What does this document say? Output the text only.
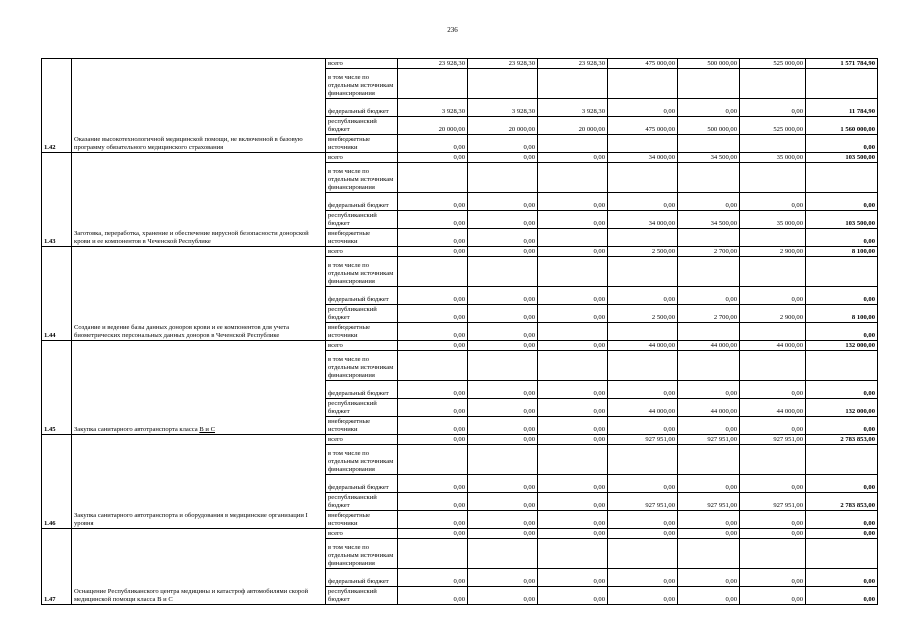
236
1.42	Оказание высокотехнологичной медицинской помощи, не включенной в базовую программу обязательного медицинского страхования	всего	23 928,30	23 928,30	23 928,30	475 000,00	500 000,00	525 000,00	1 571 784,90
		в том числе по отдельным источникам финансирования							
		федеральный бюджет	3 928,30	3 928,30	3 928,30	0,00	0,00	0,00	11 784,90
		республиканский бюджет	20 000,00	20 000,00	20 000,00	475 000,00	500 000,00	525 000,00	1 560 000,00
		внебюджетные источники	0,00	0,00					0,00
1.43	Заготовка, переработка, хранение и обеспечение вирусной безопасности донорской крови и ее компонентов в Чеченской Республике	всего	0,00	0,00	0,00	34 000,00	34 500,00	35 000,00	103 500,00
		в том числе по отдельным источникам финансирования							
		федеральный бюджет	0,00	0,00	0,00	0,00	0,00	0,00	0,00
		республиканский бюджет	0,00	0,00	0,00	34 000,00	34 500,00	35 000,00	103 500,00
		внебюджетные источники	0,00	0,00					0,00
1.44	Создание и ведение базы данных доноров крови и ее компонентов для учета биометрических персональных данных доноров в Чеченской Республике	всего	0,00	0,00	0,00	2 500,00	2 700,00	2 900,00	8 100,00
		в том числе по отдельным источникам финансирования							
		федеральный бюджет	0,00	0,00	0,00	0,00	0,00	0,00	0,00
		республиканский бюджет	0,00	0,00	0,00	2 500,00	2 700,00	2 900,00	8 100,00
		внебюджетные источники	0,00	0,00					0,00
1.45	Закупка санитарного автотранспорта класса В и С	всего	0,00	0,00	0,00	44 000,00	44 000,00	44 000,00	132 000,00
		в том числе по отдельным источникам финансирования							
		федеральный бюджет	0,00	0,00	0,00	0,00	0,00	0,00	0,00
		республиканский бюджет	0,00	0,00	0,00	44 000,00	44 000,00	44 000,00	132 000,00
		внебюджетные источники	0,00	0,00	0,00	0,00	0,00	0,00	0,00
1.46	Закупка санитарного автотранспорта и оборудования в медицинские организации I уровня	всего	0,00	0,00	0,00	927 951,00	927 951,00	927 951,00	2 783 853,00
		в том числе по отдельным источникам финансирования							
		федеральный бюджет	0,00	0,00	0,00	0,00	0,00	0,00	0,00
		республиканский бюджет	0,00	0,00	0,00	927 951,00	927 951,00	927 951,00	2 783 853,00
		внебюджетные источники	0,00	0,00	0,00	0,00	0,00	0,00	0,00
1.47	Оснащение Республиканского центра медицины и катастроф автомобилями скорой медицинской помощи класса В и С	всего	0,00	0,00	0,00	0,00	0,00	0,00	0,00
		в том числе по отдельным источникам финансирования							
		федеральный бюджет	0,00	0,00	0,00	0,00	0,00	0,00	0,00
		республиканский бюджет	0,00	0,00	0,00	0,00	0,00	0,00	0,00
